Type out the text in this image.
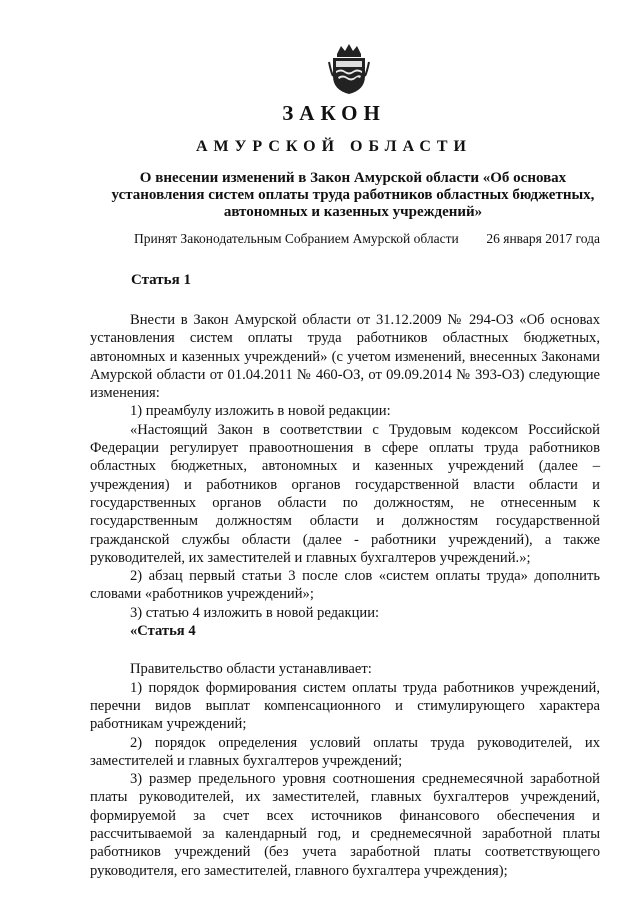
ЗАКОН
АМУРСКОЙ ОБЛАСТИ
О внесении изменений в Закон Амурской области «Об основах установления систем оплаты труда работников областных бюджетных, автономных и казенных учреждений»
Принят Законодательным Собранием Амурской области 26 января 2017 года
Статья 1

Внести в Закон Амурской области от 31.12.2009 № 294-ОЗ «Об основах установления систем оплаты труда работников областных бюджетных, автономных и казенных учреждений» (с учетом изменений, внесенных Законами Амурской области от 01.04.2011 № 460-ОЗ, от 09.09.2014 № 393-ОЗ) следующие изменения:

1) преамбулу изложить в новой редакции:

«Настоящий Закон в соответствии с Трудовым кодексом Российской Федерации регулирует правоотношения в сфере оплаты труда работников областных бюджетных, автономных и казенных учреждений (далее – учреждения) и работников органов государственной власти области и государственных органов области по должностям, не отнесенным к государственным должностям области и должностям государственной гражданской службы области (далее - работники учреждений), а также руководителей, их заместителей и главных бухгалтеров учреждений.»;

2) абзац первый статьи 3 после слов «систем оплаты труда» дополнить словами «работников учреждений»;

3) статью 4 изложить в новой редакции:

«Статья 4

Правительство области устанавливает:

1) порядок формирования систем оплаты труда работников учреждений, перечни видов выплат компенсационного и стимулирующего характера работникам учреждений;

2) порядок определения условий оплаты труда руководителей, их заместителей и главных бухгалтеров учреждений;

3) размер предельного уровня соотношения среднемесячной заработной платы руководителей, их заместителей, главных бухгалтеров учреждений, формируемой за счет всех источников финансового обеспечения и рассчитываемой за календарный год, и среднемесячной заработной платы работников учреждений (без учета заработной платы соответствующего руководителя, его заместителей, главного бухгалтера учреждения);
